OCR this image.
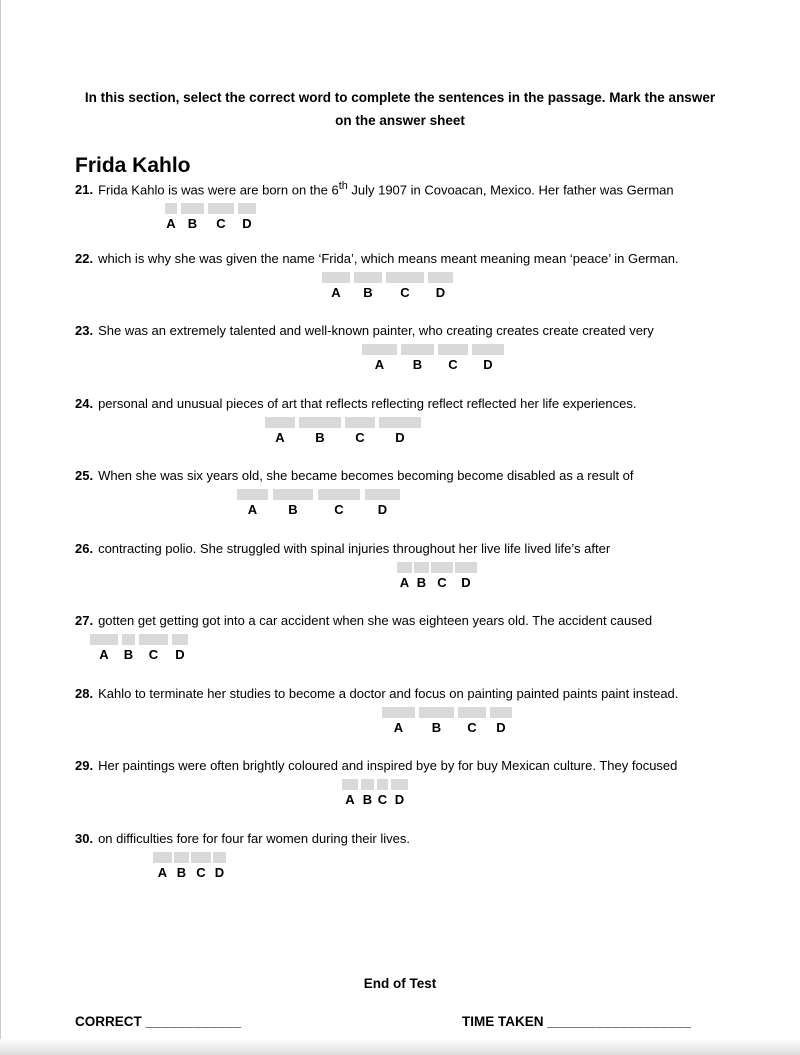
In this section, select the correct word to complete the sentences in the passage. Mark the answer
on the answer sheet
Frida Kahlo

21. Frida Kahlo is was were are born on the 6th July 1907 in Covoacan, Mexico. Her father was German

A B C D

22. which is why she was given the name ‘Frida’, which means meant meaning mean ‘peace’ in German.

A B C D

23. She was an extremely talented and well-known painter, who creating creates create created very

A B C D

24. personal and unusual pieces of art that reflects reflecting reflect reflected her life experiences.

A B C D

25. When she was six years old, she became becomes becoming become disabled as a result of

A B	C	D

26. contracting polio. She struggled with spinal injuries throughout her live life lived life’s after

A B C D

27. gotten get getting got into a car accident when she was eighteen years old. The accident caused

A B C D

28. Kahlo to terminate her studies to become a doctor and focus on painting painted paints paint instead.

A B C D

29. Her paintings were often brightly coloured and inspired bye by for buy Mexican culture. They focused

A B C D

30. on difficulties fore for four far women during their lives.

A B C D
End of Test
CORRECT ____________	TIME TAKEN __________________
